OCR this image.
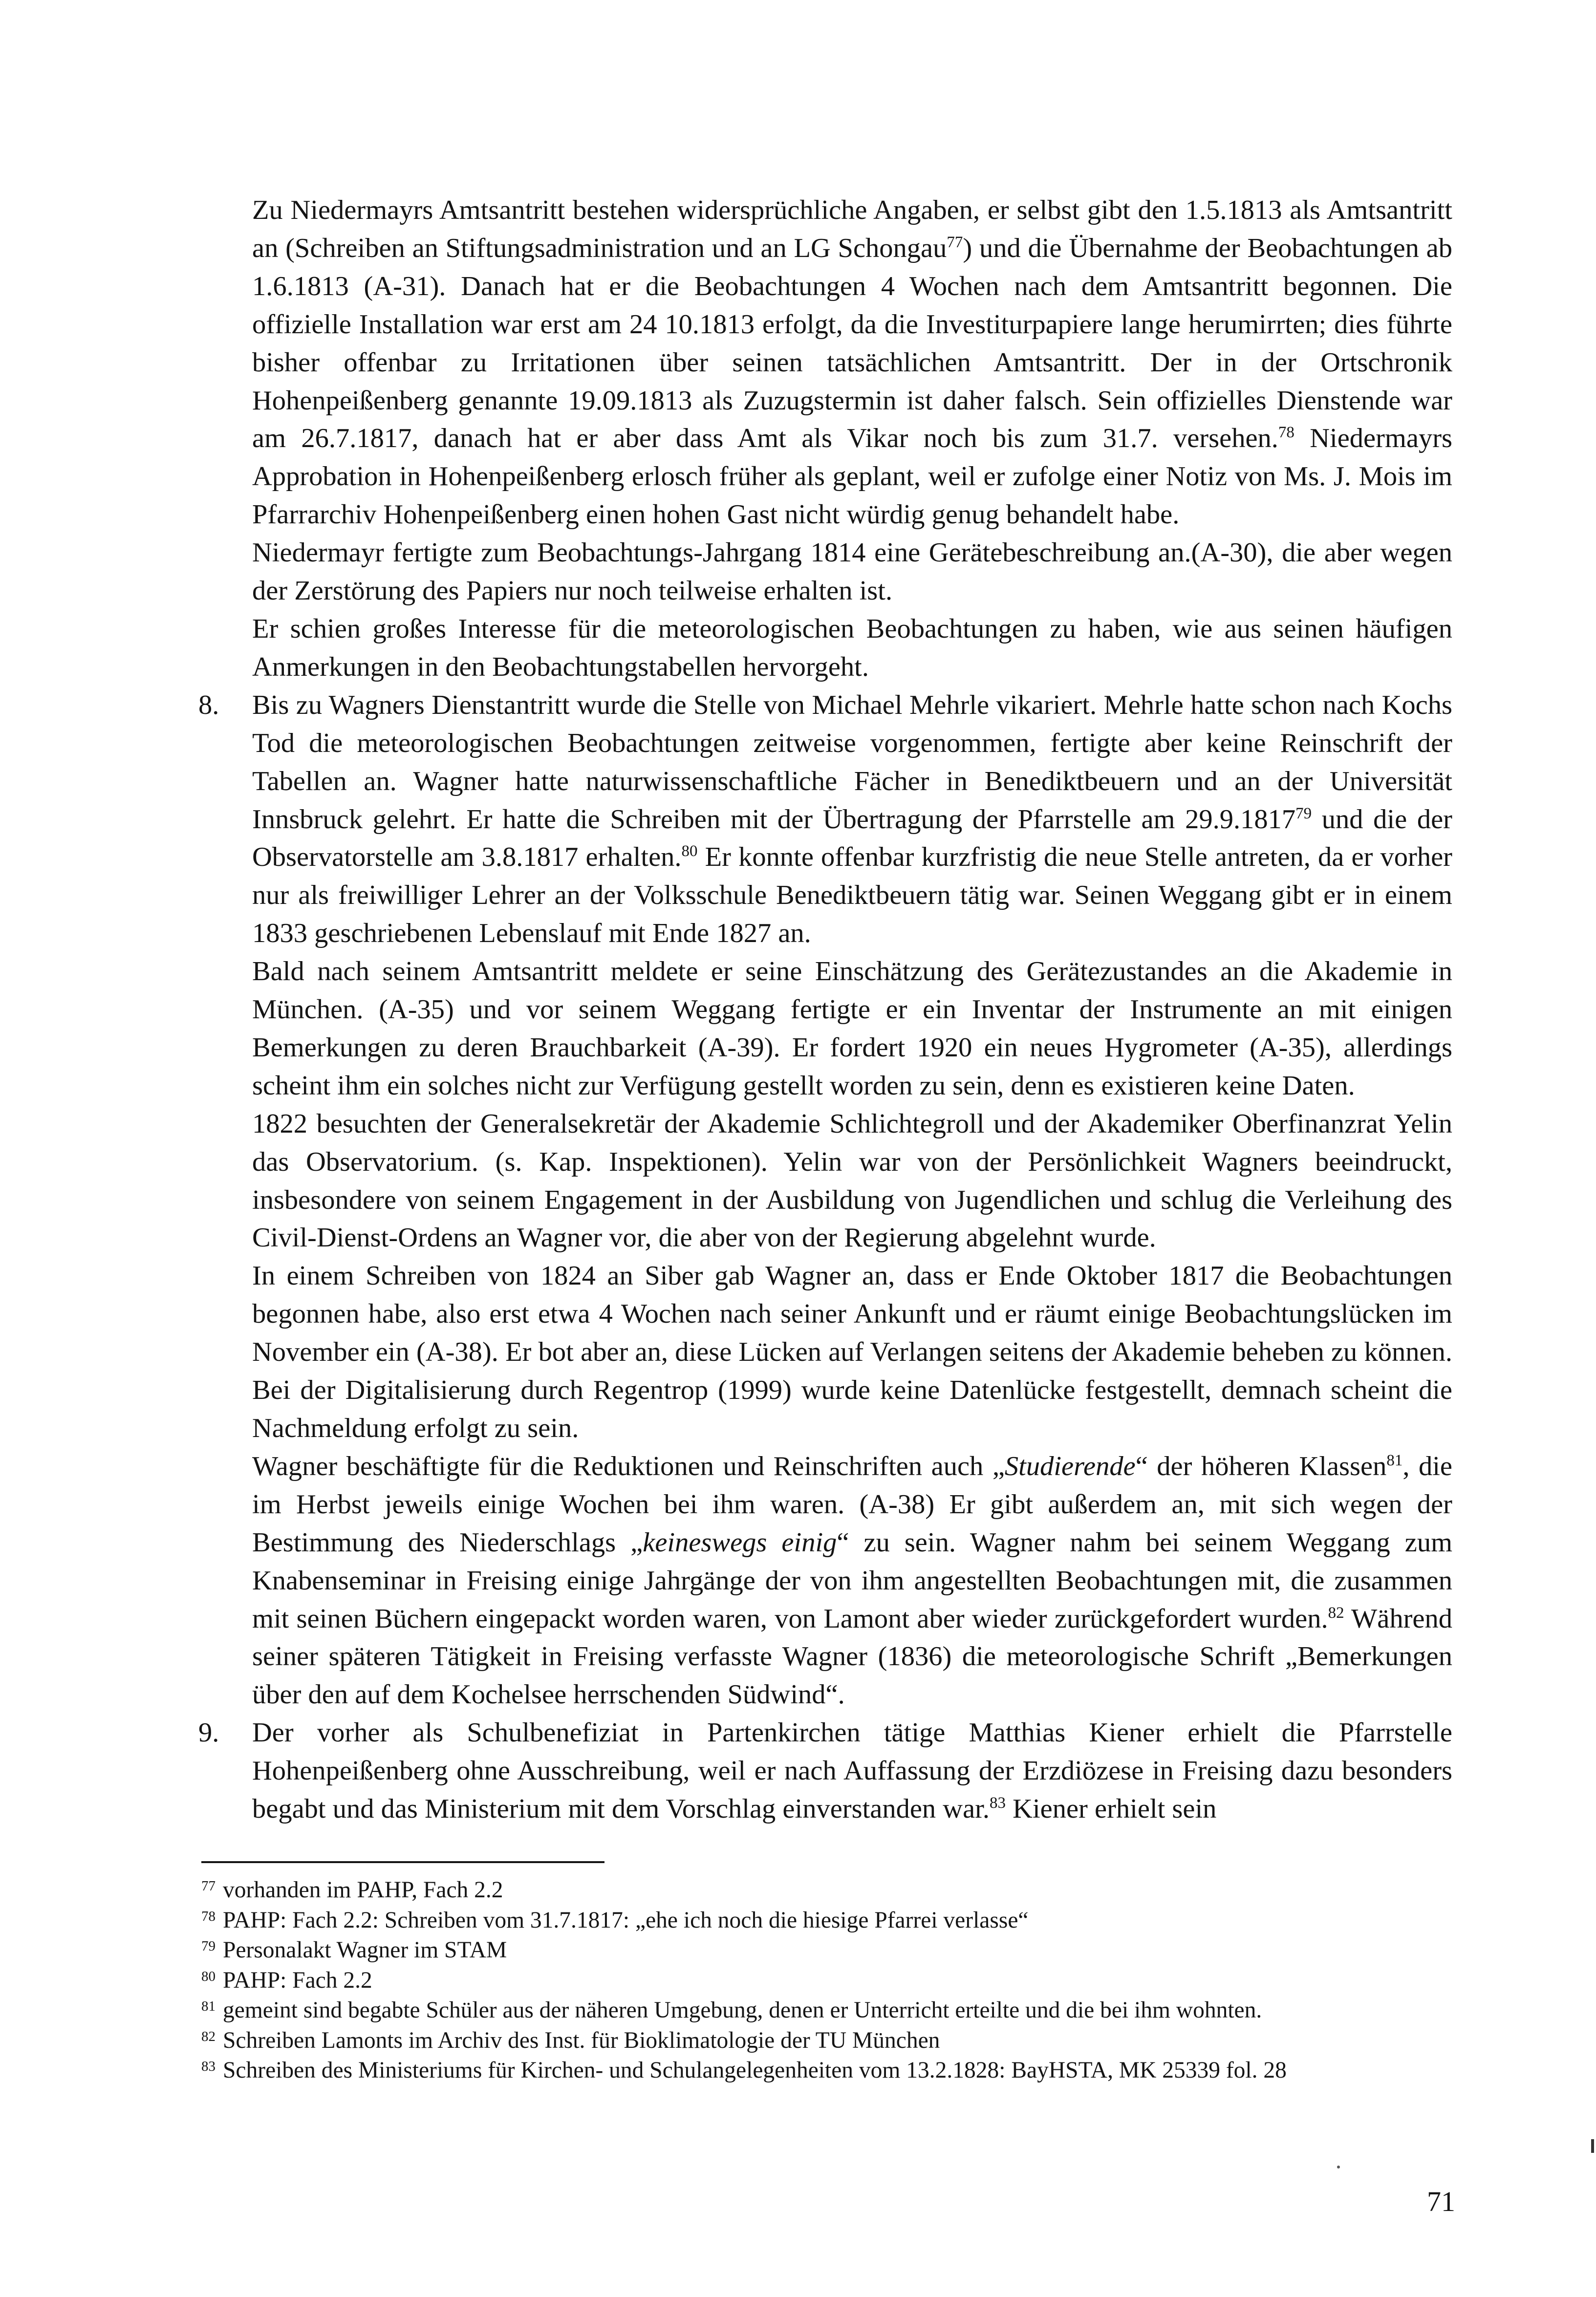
Zu Niedermayrs Amtsantritt bestehen widersprüchliche Angaben, er selbst gibt den 1.5.1813 als Amtsantritt an (Schreiben an Stiftungsadministration und an LG Schongau$^{77}$) und die Übernahme der Beobachtungen ab 1.6.1813 (A-31). Danach hat er die Beobachtungen 4 Wochen nach dem Amtsantritt begonnen. Die offizielle Installation war erst am 24 10.1813 erfolgt, da die Investiturpapiere lange herumirrten; dies führte bisher offenbar zu Irritationen über seinen tatsächlichen Amtsantritt. Der in der Ortschronik Hohenpeißenberg genannte 19.09.1813 als Zuzugstermin ist daher falsch. Sein offizielles Dienstende war am 26.7.1817, danach hat er aber dass Amt als Vikar noch bis zum 31.7. versehen.$^{78}$ Niedermayrs Approbation in Hohenpeißenberg erlosch früher als geplant, weil er zufolge einer Notiz von Ms. J. Mois im Pfarrarchiv Hohenpeißenberg einen hohen Gast nicht würdig genug behandelt habe.

Niedermayr fertigte zum Beobachtungs-Jahrgang 1814 eine Gerätebeschreibung an.(A-30), die aber wegen der Zerstörung des Papiers nur noch teilweise erhalten ist.

Er schien großes Interesse für die meteorologischen Beobachtungen zu haben, wie aus seinen häufigen Anmerkungen in den Beobachtungstabellen hervorgeht.

8. Bis zu Wagners Dienstantritt wurde die Stelle von Michael Mehrle vikariert. Mehrle hatte schon nach Kochs Tod die meteorologischen Beobachtungen zeitweise vorgenommen, fertigte aber keine Reinschrift der Tabellen an. Wagner hatte naturwissenschaftliche Fächer in Benediktbeuern und an der Universität Innsbruck gelehrt. Er hatte die Schreiben mit der Übertragung der Pfarrstelle am 29.9.1817$^{79}$ und die der Observatorstelle am 3.8.1817 erhalten.$^{80}$ Er konnte offenbar kurzfristig die neue Stelle antreten, da er vorher nur als freiwilliger Lehrer an der Volksschule Benediktbeuern tätig war. Seinen Weggang gibt er in einem 1833 geschriebenen Lebenslauf mit Ende 1827 an.

Bald nach seinem Amtsantritt meldete er seine Einschätzung des Gerätezustandes an die Akademie in München. (A-35) und vor seinem Weggang fertigte er ein Inventar der Instrumente an mit einigen Bemerkungen zu deren Brauchbarkeit (A-39). Er fordert 1920 ein neues Hygrometer (A-35), allerdings scheint ihm ein solches nicht zur Verfügung gestellt worden zu sein, denn es existieren keine Daten.

1822 besuchten der Generalsekretär der Akademie Schlichtegroll und der Akademiker Oberfinanzrat Yelin das Observatorium. (s. Kap. Inspektionen). Yelin war von der Persönlichkeit Wagners beeindruckt, insbesondere von seinem Engagement in der Ausbildung von Jugendlichen und schlug die Verleihung des Civil-Dienst-Ordens an Wagner vor, die aber von der Regierung abgelehnt wurde.

In einem Schreiben von 1824 an Siber gab Wagner an, dass er Ende Oktober 1817 die Beobachtungen begonnen habe, also erst etwa 4 Wochen nach seiner Ankunft und er räumt einige Beobachtungslücken im November ein (A-38). Er bot aber an, diese Lücken auf Verlangen seitens der Akademie beheben zu können. Bei der Digitalisierung durch Regentrop (1999) wurde keine Datenlücke festgestellt, demnach scheint die Nachmeldung erfolgt zu sein.

Wagner beschäftigte für die Reduktionen und Reinschriften auch „Studierende“ der höheren Klassen$^{81}$, die im Herbst jeweils einige Wochen bei ihm waren. (A-38) Er gibt außerdem an, mit sich wegen der Bestimmung des Niederschlags „keineswegs einig“ zu sein. Wagner nahm bei seinem Weggang zum Knabenseminar in Freising einige Jahrgänge der von ihm angestellten Beobachtungen mit, die zusammen mit seinen Büchern eingepackt worden waren, von Lamont aber wieder zurückgefordert wurden.$^{82}$ Während seiner späteren Tätigkeit in Freising verfasste Wagner (1836) die meteorologische Schrift „Bemerkungen über den auf dem Kochelsee herrschenden Südwind“.

9. Der vorher als Schulbenefiziat in Partenkirchen tätige Matthias Kiener erhielt die Pfarrstelle Hohenpeißenberg ohne Ausschreibung, weil er nach Auffassung der Erzdiözese in Freising dazu besonders begabt und das Ministerium mit dem Vorschlag einverstanden war.$^{83}$ Kiener erhielt sein

77 vorhanden im PAHP, Fach 2.2
78 PAHP: Fach 2.2: Schreiben vom 31.7.1817: „ehe ich noch die hiesige Pfarrei verlasse“
79 Personalakt Wagner im STAM
80 PAHP: Fach 2.2
81 gemeint sind begabte Schüler aus der näheren Umgebung, denen er Unterricht erteilte und die bei ihm wohnten.
82 Schreiben Lamonts im Archiv des Inst. für Bioklimatologie der TU München
83 Schreiben des Ministeriums für Kirchen- und Schulangelegenheiten vom 13.2.1828: BayHSTA, MK 25339 fol. 28
71
